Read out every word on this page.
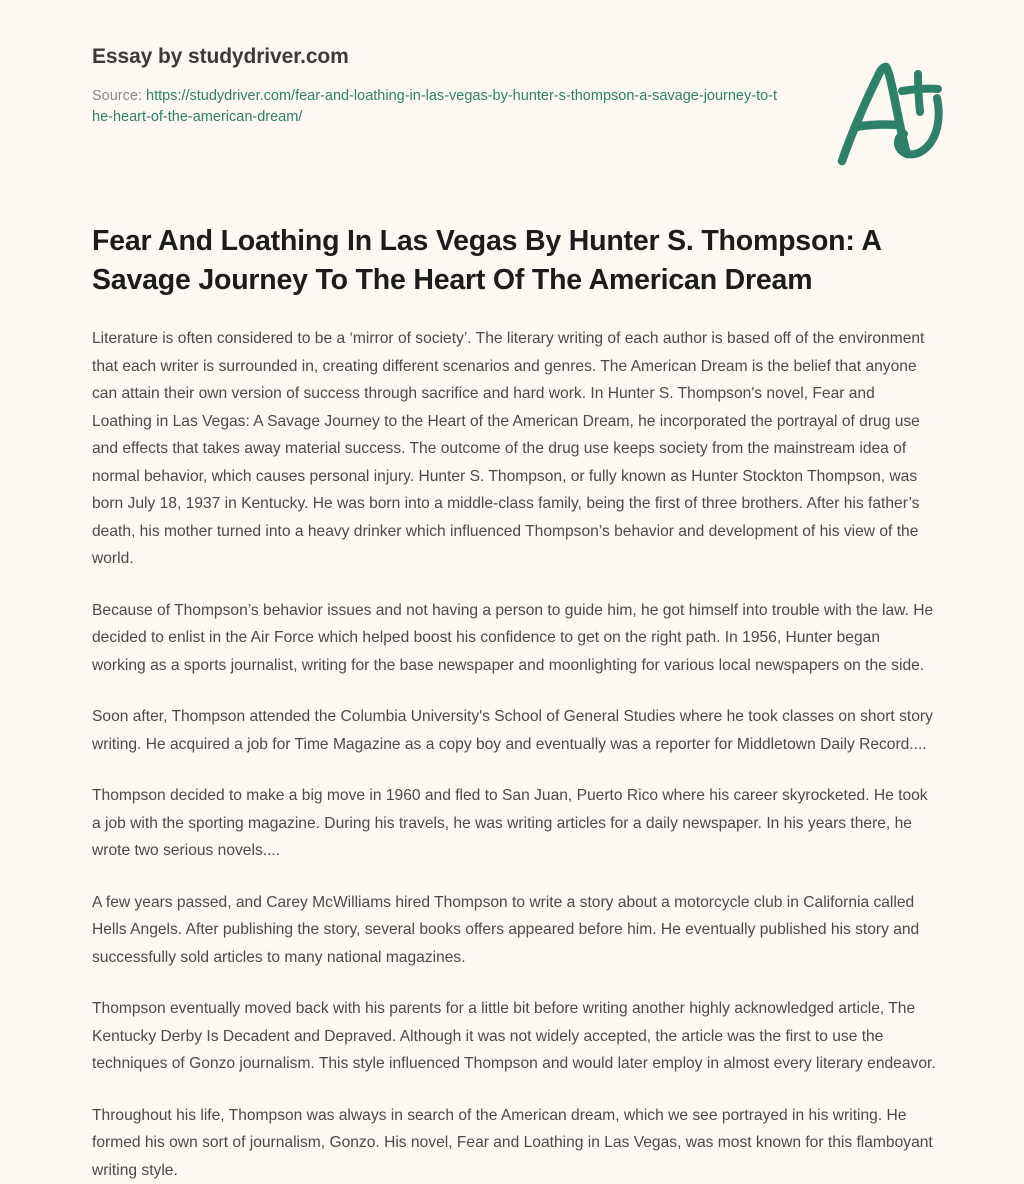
Essay by studydriver.com
Source: https://studydriver.com/fear-and-loathing-in-las-vegas-by-hunter-s-thompson-a-savage-journey-to-the-heart-of-the-american-dream/
Fear And Loathing In Las Vegas By Hunter S. Thompson: A Savage Journey To The Heart Of The American Dream

Literature is often considered to be a ‘mirror of society’. The literary writing of each author is based off of the environment that each writer is surrounded in, creating different scenarios and genres. The American Dream is the belief that anyone can attain their own version of success through sacrifice and hard work. In Hunter S. Thompson's novel, Fear and Loathing in Las Vegas: A Savage Journey to the Heart of the American Dream, he incorporated the portrayal of drug use and effects that takes away material success. The outcome of the drug use keeps society from the mainstream idea of normal behavior, which causes personal injury. Hunter S. Thompson, or fully known as Hunter Stockton Thompson, was born July 18, 1937 in Kentucky. He was born into a middle-class family, being the first of three brothers. After his father’s death, his mother turned into a heavy drinker which influenced Thompson’s behavior and development of his view of the world.

Because of Thompson’s behavior issues and not having a person to guide him, he got himself into trouble with the law. He decided to enlist in the Air Force which helped boost his confidence to get on the right path. In 1956, Hunter began working as a sports journalist, writing for the base newspaper and moonlighting for various local newspapers on the side.

Soon after, Thompson attended the Columbia University's School of General Studies where he took classes on short story writing. He acquired a job for Time Magazine as a copy boy and eventually was a reporter for Middletown Daily Record....

Thompson decided to make a big move in 1960 and fled to San Juan, Puerto Rico where his career skyrocketed. He took a job with the sporting magazine. During his travels, he was writing articles for a daily newspaper. In his years there, he wrote two serious novels....

A few years passed, and Carey McWilliams hired Thompson to write a story about a motorcycle club in California called Hells Angels. After publishing the story, several books offers appeared before him. He eventually published his story and successfully sold articles to many national magazines.

Thompson eventually moved back with his parents for a little bit before writing another highly acknowledged article, The Kentucky Derby Is Decadent and Depraved. Although it was not widely accepted, the article was the first to use the techniques of Gonzo journalism. This style influenced Thompson and would later employ in almost every literary endeavor.

Throughout his life, Thompson was always in search of the American dream, which we see portrayed in his writing. He formed his own sort of journalism, Gonzo. His novel, Fear and Loathing in Las Vegas, was most known for this flamboyant writing style.
